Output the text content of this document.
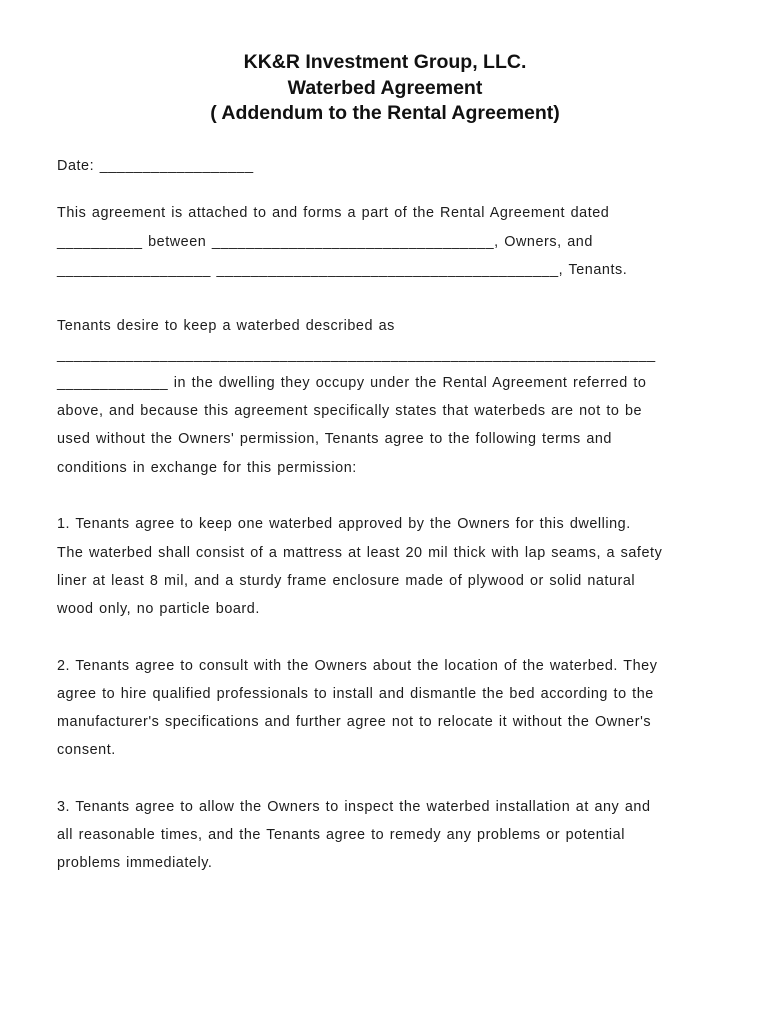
KK&R Investment Group, LLC.
Waterbed Agreement
( Addendum to the Rental Agreement)
Date: __________________
This agreement is attached to and forms a part of the Rental Agreement dated
__________ between _________________________________, Owners, and
__________________ ________________________________________, Tenants.
Tenants desire to keep a waterbed described as
______________________________________________________________________
_____________ in the dwelling they occupy under the Rental Agreement referred to
above, and because this agreement specifically states that waterbeds are not to be
used without the Owners' permission, Tenants agree to the following terms and
conditions in exchange for this permission:
1. Tenants agree to keep one waterbed approved by the Owners for this dwelling.
The waterbed shall consist of a mattress at least 20 mil thick with lap seams, a safety
liner at least 8 mil, and a sturdy frame enclosure made of plywood or solid natural
wood only, no particle board.
2. Tenants agree to consult with the Owners about the location of the waterbed. They
agree to hire qualified professionals to install and dismantle the bed according to the
manufacturer's specifications and further agree not to relocate it without the Owner's
consent.
3. Tenants agree to allow the Owners to inspect the waterbed installation at any and
all reasonable times, and the Tenants agree to remedy any problems or potential
problems immediately.
